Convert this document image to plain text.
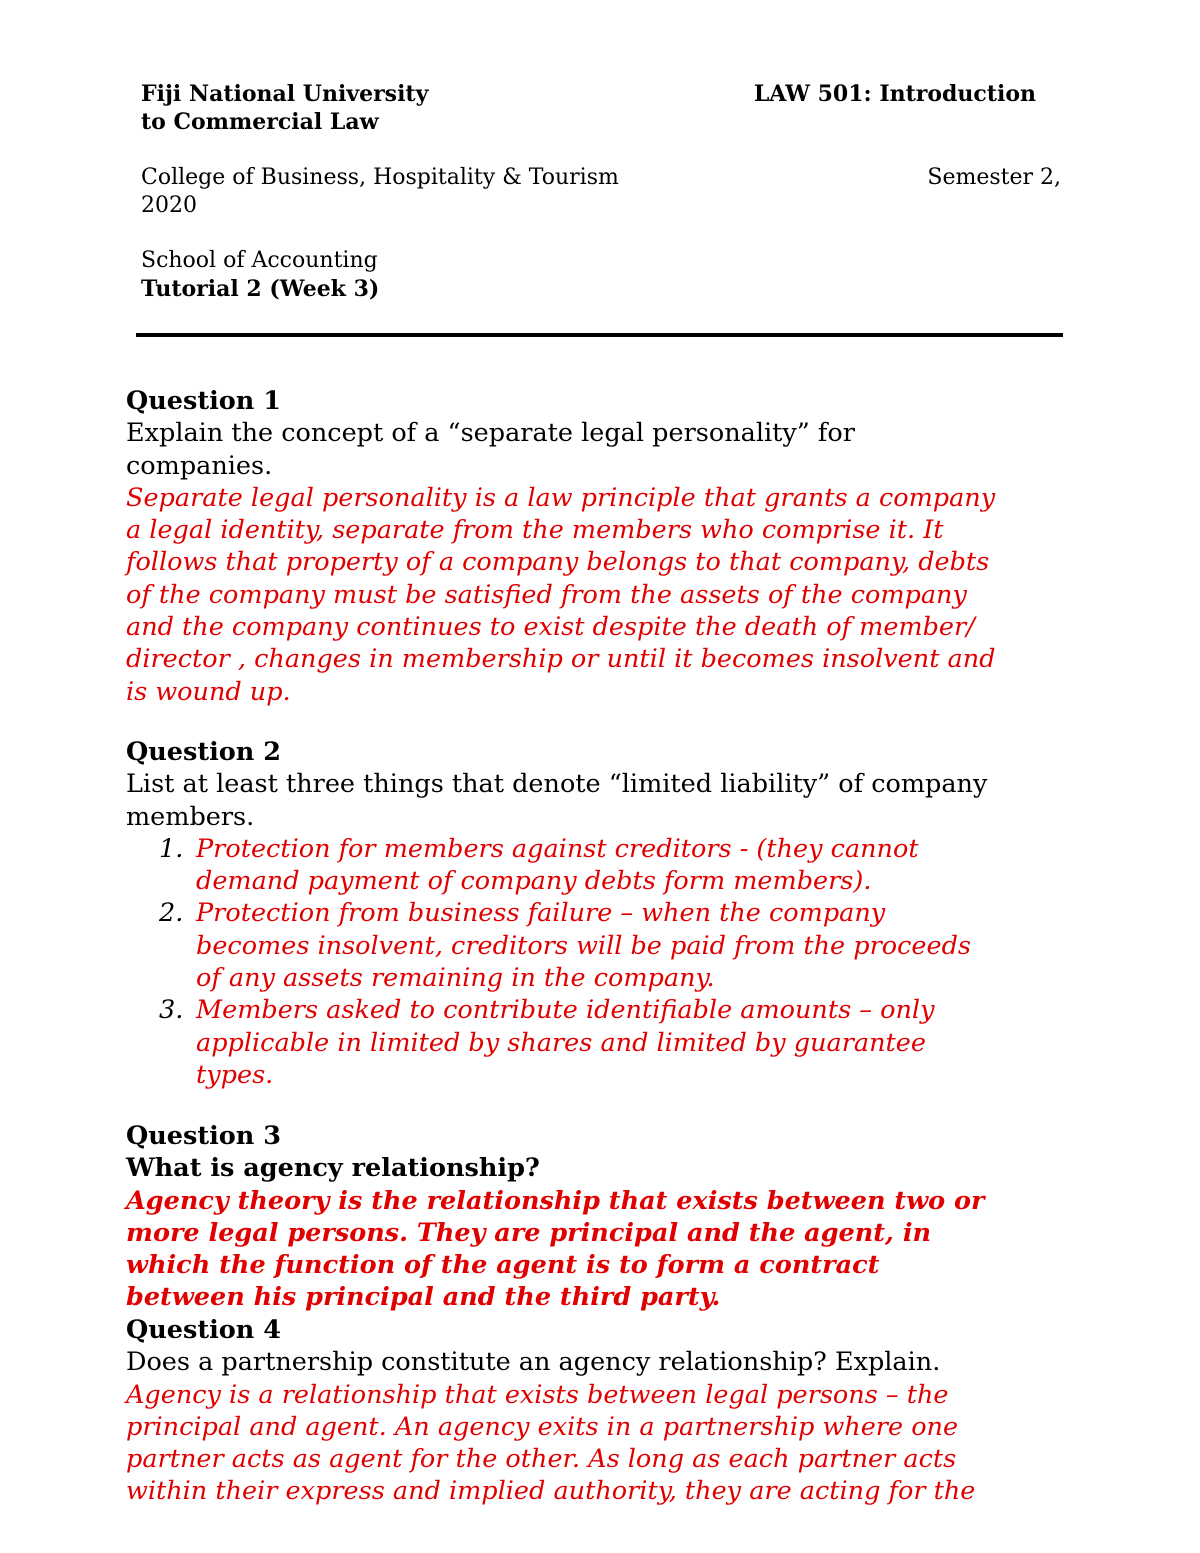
Fiji National University	LAW 501: Introduction
to Commercial Law
College of Business, Hospitality & Tourism	Semester 2,
2020
School of Accounting
Tutorial 2 (Week 3)
Question 1
Explain the concept of a “separate legal personality” for
companies.
Separate legal personality is a law principle that grants a company
a legal identity, separate from the members who comprise it. It
follows that property of a company belongs to that company, debts
of the company must be satisfied from the assets of the company
and the company continues to exist despite the death of member/
director , changes in membership or until it becomes insolvent and
is wound up.
Question 2
List at least three things that denote “limited liability” of company
members.
1. Protection for members against creditors - (they cannot
demand payment of company debts form members).
2. Protection from business failure – when the company
becomes insolvent, creditors will be paid from the proceeds
of any assets remaining in the company.
3. Members asked to contribute identifiable amounts – only
applicable in limited by shares and limited by guarantee
types.
Question 3
What is agency relationship?
Agency theory is the relationship that exists between two or
more legal persons. They are principal and the agent, in
which the function of the agent is to form a contract
between his principal and the third party.
Question 4
Does a partnership constitute an agency relationship? Explain.
Agency is a relationship that exists between legal persons – the
principal and agent. An agency exits in a partnership where one
partner acts as agent for the other. As long as each partner acts
within their express and implied authority, they are acting for the
